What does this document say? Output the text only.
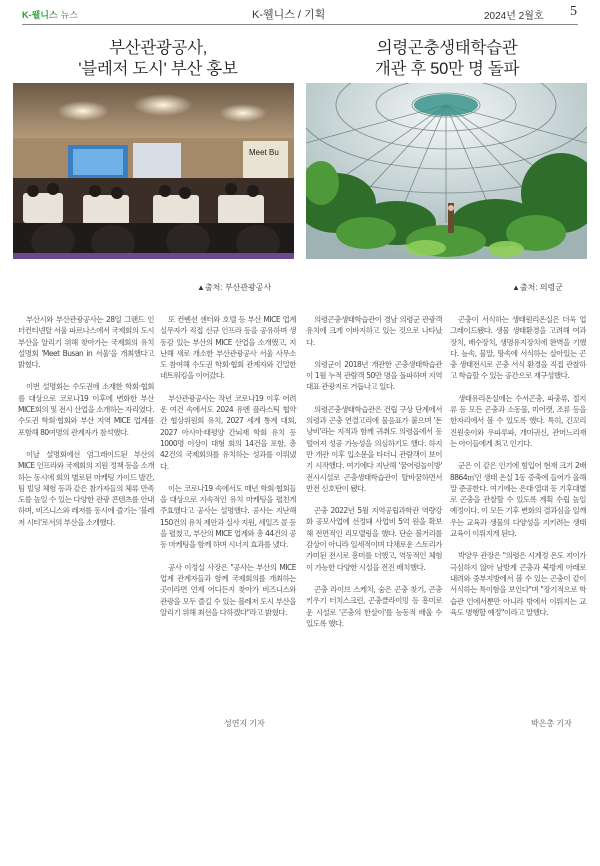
K-웰니스 뉴스	K-웰니스 / 기획	2024년 2월호 5
부산관광공사,
'블레저 도시' 부산 홍보
의령곤충생태학습관
개관 후 50만 명 돌파
Meet Bu
▲출처: 부산관광공사	▲출처: 의령군

부산시와 부산관광공사는 28일 그랜드 인터컨티넨탈 서울 파르나스에서 국제회의 도시 부산을 알리기 위해 찾아가는 국제회의 유치 설명회 'Meet Busan in 서울'을 개최했다고 밝혔다.

이번 설명회는 수도권에 소재한 학회·협회를 대상으로 코로나19 이후에 변화한 부산 MICE회의 및 전시 산업을 소개하는 자리였다. 수도권 학회·협회와 부산 지역 MICE 업계를 포함해 80여명의 관계자가 참석했다.

이날 설명회에선 엄그레이드된 부산의 MICE 인프라와 국제회의 지원 정책 등을 소개하는 동시에 회의 별로된 마케팅 가이드 발간, 팀 빌딩 체험 등과 같은 참가자들의 체류 만족도를 높일 수 있는 다양한 관광 콘텐츠를 안내하며, 비즈니스와 레저를 동시에 즐기는 '블레저 시티'로서의 부산을 소개했다.

또 컨벤션 센터와 호텔 등 부산 MICE 업계 실무자가 직접 신규 인프라 등을 공유하며 생동감 있는 부산의 MICE 산업을 소개했고, 지난해 새로 개소한 부산관광공사 서울 사무소도 참여해 수도권 학회·협회 관계자와 긴밀한 네트워킹을 이어갔다.

부산관광공사는 작년 코로나19 이후 어려운 여건 속에서도 2024 유엔 플라스틱 협약 간 협상위원회 유치, 2027 세계 통계 대회, 2027 아시아·태평양 간뇌재 학회 유치 등 1000명 이상이 대형 회의 14건을 포함, 총 42건의 국제회의를 유치하는 성과를 이뤄냈다.

이는 코로나19 속에서도 매년 학회·협회들을 대상으로 지속적인 유치 마케팅을 펼친게 주효했다고 공사는 설명했다. 공사는 지난해 150건의 유치 제안과 실사 지원, 세일즈 콜 등을 펼쳤고, 부산의 MICE 업계와 총 44건의 공동 마케팅을 함께 하며 시너지 효과를 냈다.

공사 이정실 사장은 "공사는 부산의 MICE 업계 관계자들과 함께 국제회의를 개최하는 곳이라면 언제 어디든지 찾아가 비즈니스와 관광을 모두 즐길 수 있는 블레저 도시 부산을 알리기 위해 최선을 다하겠다"라고 밝혔다.

의령곤충생태학습관이 경남 의령군 관광객 유치에 크게 이바지하고 있는 것으로 나타났다.

의령군이 2018년 개관한 곤충생태학습관이 1월 누적 관람객 50만 명을 돌파하며 지역 대표 관광지로 거듭나고 있다.

의령곤충생태학습관은 건립 구상 단계에서 의령과 곤충 연결고리에 물음표가 붙으며 '돈낭비'라는 지적과 함께 귀취도 의령읍에서 동떨어져 성공 가능성을 의심하기도 했다. 하지만 개관 이후 입소문을 타더니 관람객이 보이기 시작했다. 여기에다 지난해 '꿈어렁놀이방' 전시시설로 곤충생태학습관이 탈바꿈하면서 반전 신호탄이 됐다.

곤충 2022년 5월 지역공립과학관 역량강화 공모사업에 선정돼 사업비 5억 원을 확보해 전면적인 리모델링을 했다. 단순 볼거리를 감상이 아니라 일세적이며 다채로운 스토리가 가미된 전시로 흥미를 더했고, 역동적인 체험이 가능한 다양한 시설을 전진 배치했다.

곤충 라이브 스케치, 숨은 곤충 찾기, 곤충 키우기 터치스크린, 곤충클라이밍 등 흥미로운 시설로 '곤충의 한살이'를 능동적 배울 수 있도록 했다.

곤충이 서식하는 생태원리온실은 더욱 업그레이드됐다. 생물 생태환경을 고려해 여과장치, 배수장치, 생명유지장치에 완벽을 기했다. 늪속, 물말, 땅속에 서식하는 살아있는 곤충 생태전시로 곤충 서식 환경을 직접 관찰하고 학습할 수 있는 공간으로 재구성했다.

생태유리온실에는 수서곤충, 파충류, 절지류 등 모든 곤충과 소동물, 미어캣, 조류 등을 한자리에서 볼 수 있도록 했다. 특히, 긴꼬리 진원숭이와 우파루파, 개미귀신, 관머느리재는 아이들에게 최고 인기다.

군은 이 같은 인기에 힘입어 현재 크기 2배 8864㎡인 생태 온실 1동 증축에 들어가 올해 말 준공한다. 여기에는 온대·열대 등 기후대별로 곤충을 관찰할 수 있도록 계획 수립 높일 예정이다. 이 모든 기후 변화의 결과심을 일깨우는 교육과 생물의 다양성을 지키려는 생태교육이 이뤄지게 된다.

박양우 관장은 "의령은 시계정 온도 지이가 극심하지 않아 남방계 곤충과 북방계 아래로 내려와 중부지방에서 볼 수 있는 곤충이 같이 서식하는 특이함을 보인다"며 "장기적으로 학습관 인에서뿐만 아니라 밖에서 이뤄지는 교육도 병행할 예정"이라고 말했다.

성연지 기자	박은총 기자
